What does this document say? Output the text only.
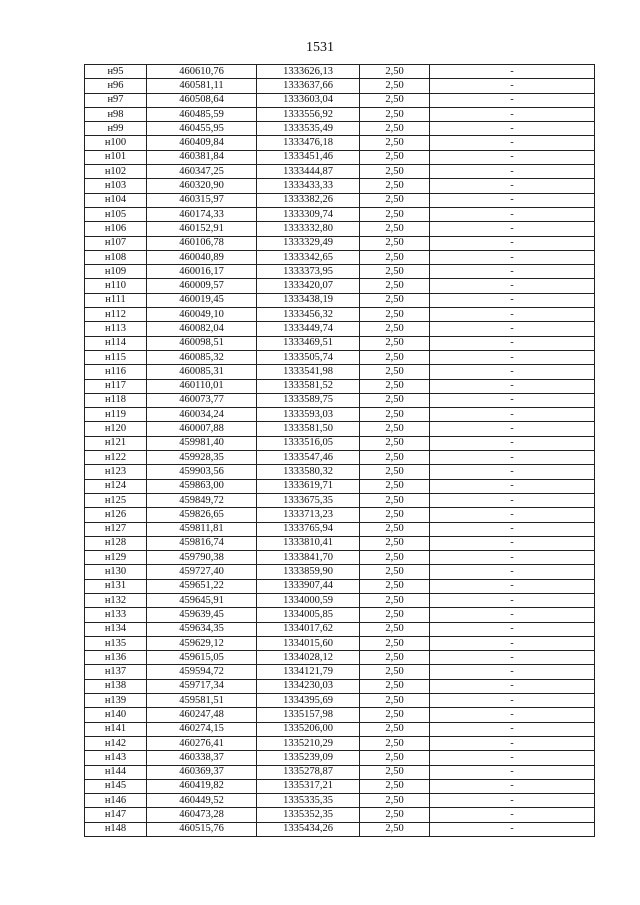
1531
н95	460610,76	1333626,13	2,50	-
н96	460581,11	1333637,66	2,50	-
н97	460508,64	1333603,04	2,50	-
н98	460485,59	1333556,92	2,50	-
н99	460455,95	1333535,49	2,50	-
н100	460409,84	1333476,18	2,50	-
н101	460381,84	1333451,46	2,50	-
н102	460347,25	1333444,87	2,50	-
н103	460320,90	1333433,33	2,50	-
н104	460315,97	1333382,26	2,50	-
н105	460174,33	1333309,74	2,50	-
н106	460152,91	1333332,80	2,50	-
н107	460106,78	1333329,49	2,50	-
н108	460040,89	1333342,65	2,50	-
н109	460016,17	1333373,95	2,50	-
н110	460009,57	1333420,07	2,50	-
н111	460019,45	1333438,19	2,50	-
н112	460049,10	1333456,32	2,50	-
н113	460082,04	1333449,74	2,50	-
н114	460098,51	1333469,51	2,50	-
н115	460085,32	1333505,74	2,50	-
н116	460085,31	1333541,98	2,50	-
н117	460110,01	1333581,52	2,50	-
н118	460073,77	1333589,75	2,50	-
н119	460034,24	1333593,03	2,50	-
н120	460007,88	1333581,50	2,50	-
н121	459981,40	1333516,05	2,50	-
н122	459928,35	1333547,46	2,50	-
н123	459903,56	1333580,32	2,50	-
н124	459863,00	1333619,71	2,50	-
н125	459849,72	1333675,35	2,50	-
н126	459826,65	1333713,23	2,50	-
н127	459811,81	1333765,94	2,50	-
н128	459816,74	1333810,41	2,50	-
н129	459790,38	1333841,70	2,50	-
н130	459727,40	1333859,90	2,50	-
н131	459651,22	1333907,44	2,50	-
н132	459645,91	1334000,59	2,50	-
н133	459639,45	1334005,85	2,50	-
н134	459634,35	1334017,62	2,50	-
н135	459629,12	1334015,60	2,50	-
н136	459615,05	1334028,12	2,50	-
н137	459594,72	1334121,79	2,50	-
н138	459717,34	1334230,03	2,50	-
н139	459581,51	1334395,69	2,50	-
н140	460247,48	1335157,98	2,50	-
н141	460274,15	1335206,00	2,50	-
н142	460276,41	1335210,29	2,50	-
н143	460338,37	1335239,09	2,50	-
н144	460369,37	1335278,87	2,50	-
н145	460419,82	1335317,21	2,50	-
н146	460449,52	1335335,35	2,50	-
н147	460473,28	1335352,35	2,50	-
н148	460515,76	1335434,26	2,50	-
